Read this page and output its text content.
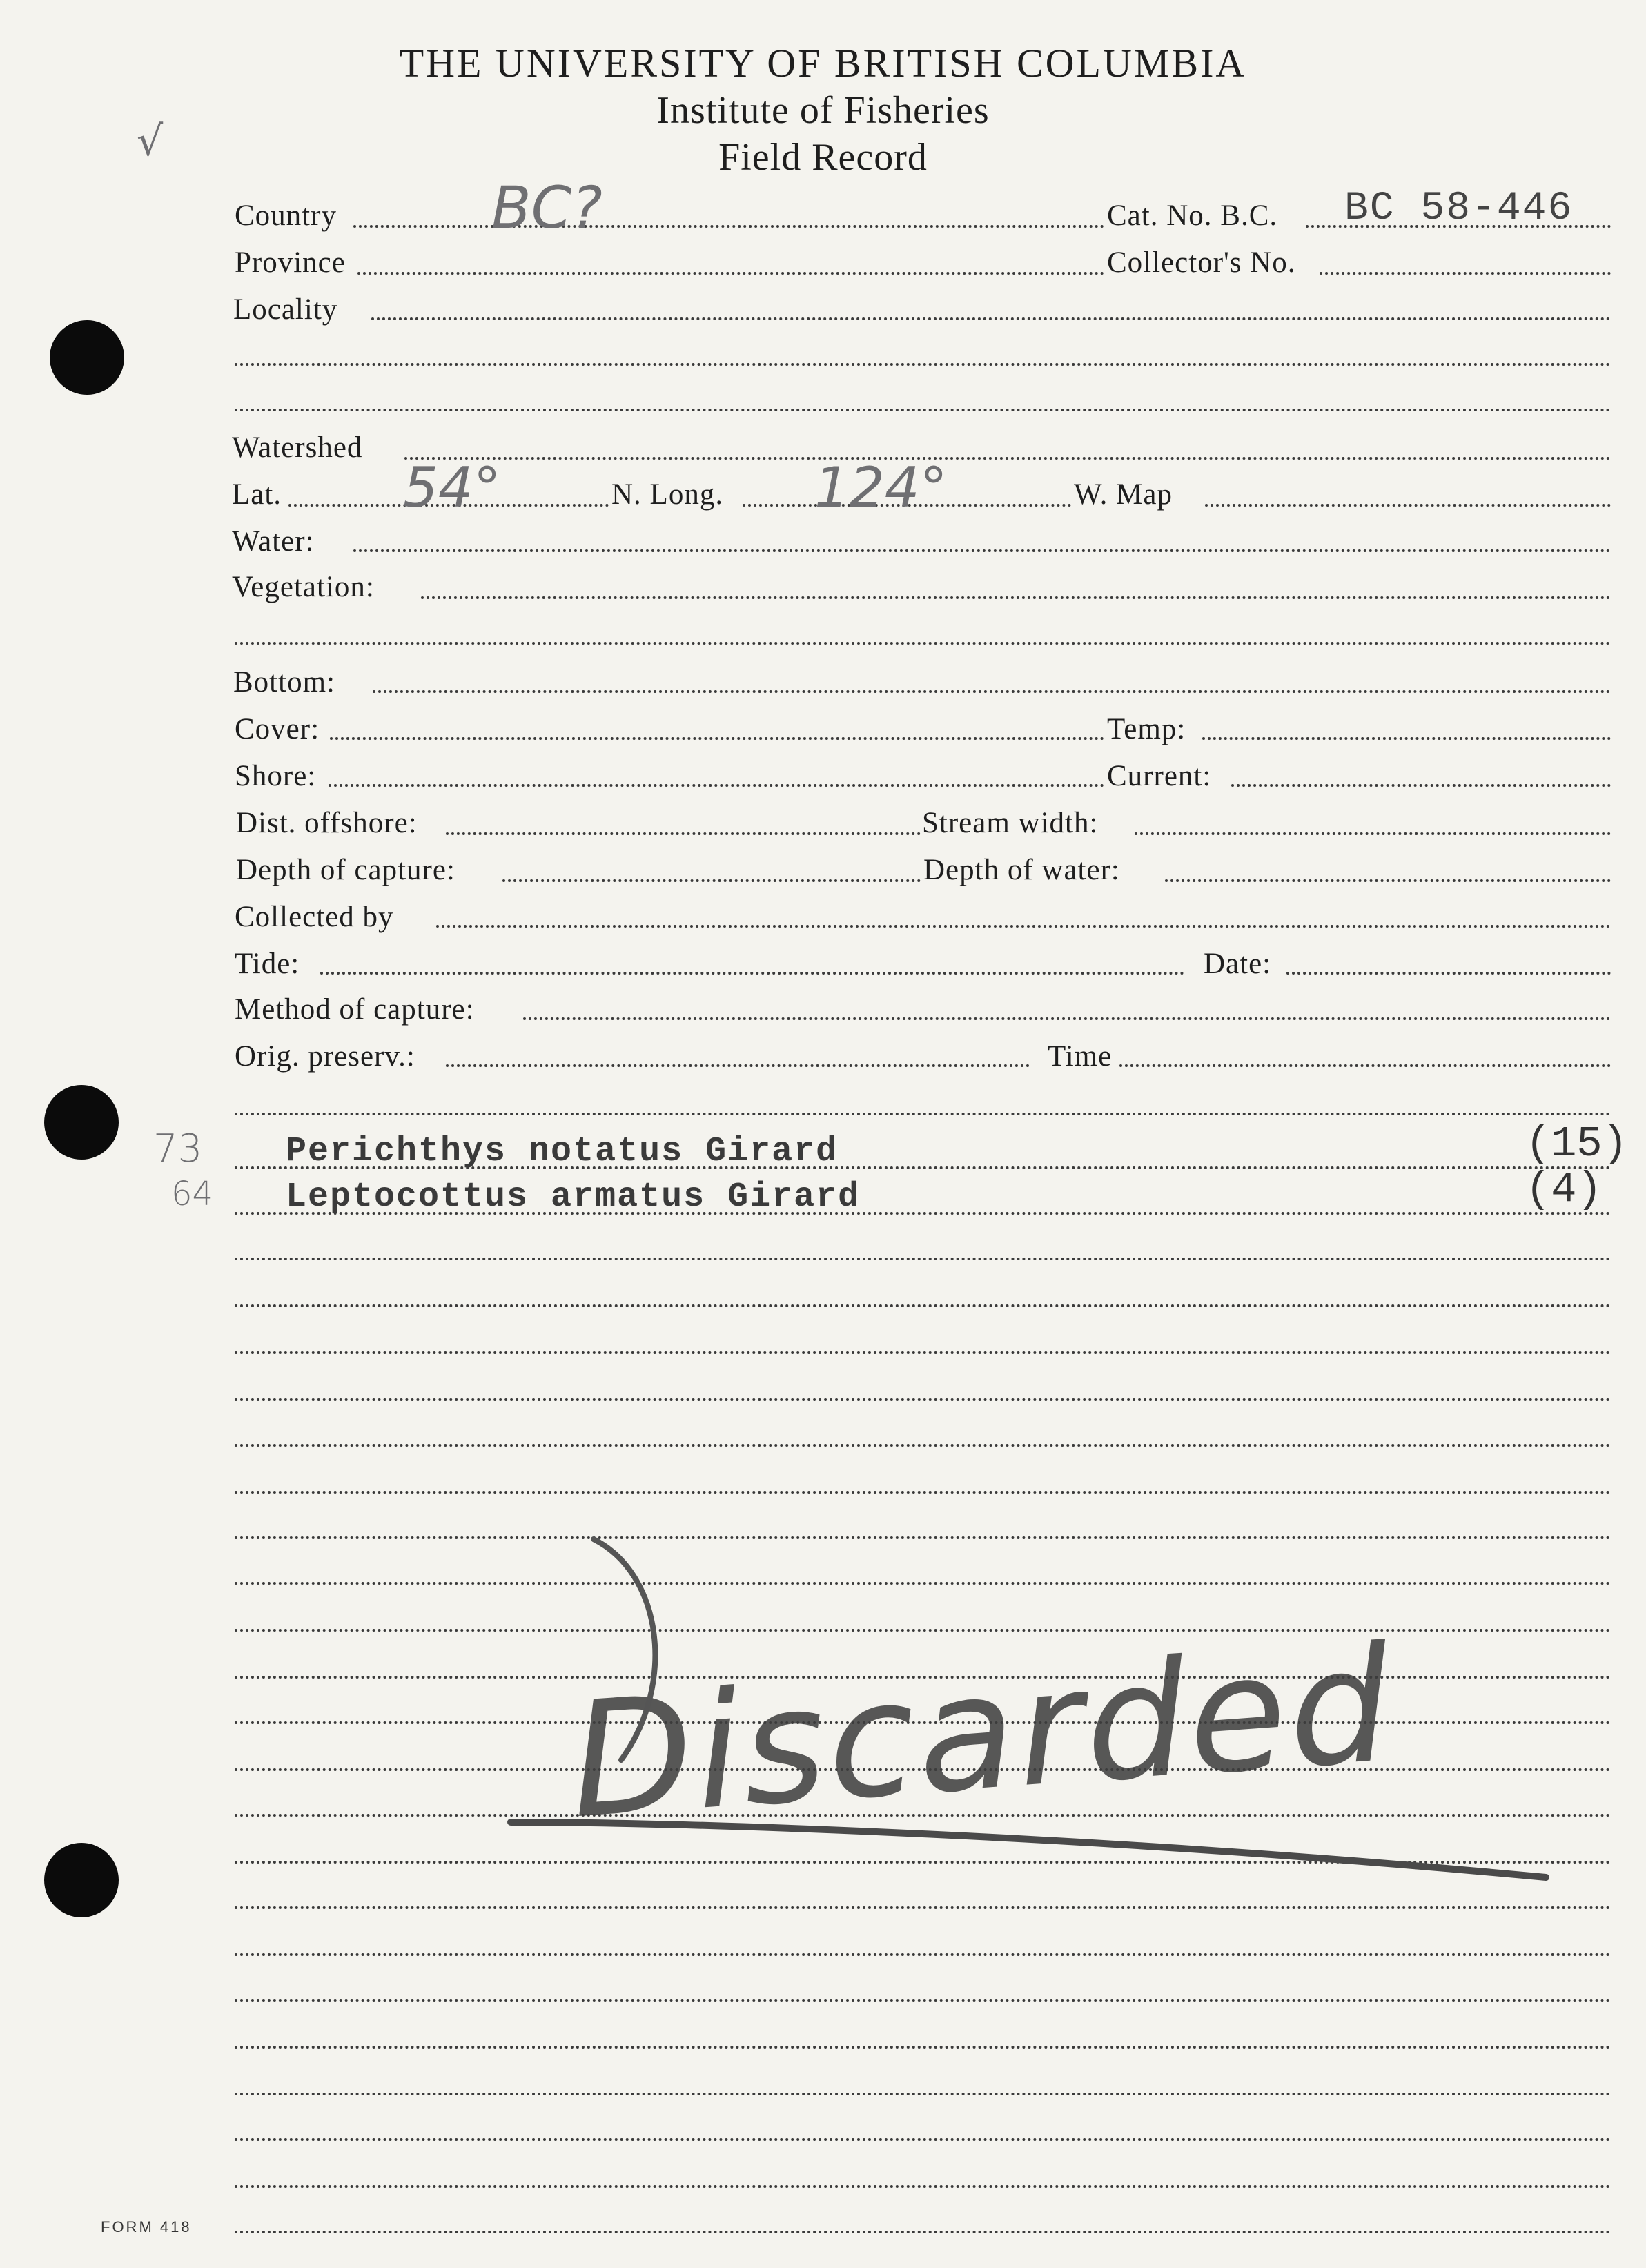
√
THE UNIVERSITY OF BRITISH COLUMBIA
Institute of Fisheries
Field Record
Country	BC?	Cat. No. B.C. BC 58-446
Province	Collector's No.
Locality
Watershed
Lat. 54°	N. Long. 124°	W. Map
Water:
Vegetation:
Bottom:
Cover:	Temp:
Shore:	Current:
Dist. offshore:	Stream width:
Depth of capture:	Depth of water:
Collected by
Tide:	Date:
Method of capture:
Orig. preserv.:	Time
73 Perichthys notatus Girard	(15)
64 Leptocottus armatus Girard	(4)
Discarded
FORM 418
